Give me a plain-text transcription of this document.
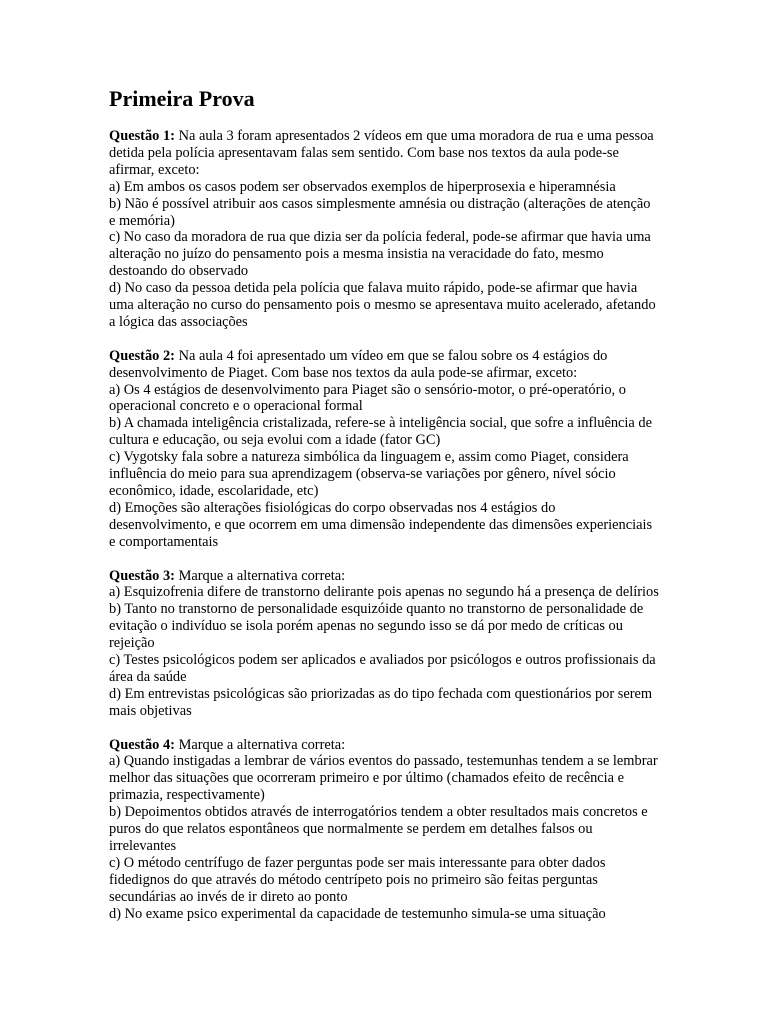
Primeira Prova

Questão 1: Na aula 3 foram apresentados 2 vídeos em que uma moradora de rua e uma pessoa detida pela polícia apresentavam falas sem sentido. Com base nos textos da aula pode-se afirmar, exceto:

a) Em ambos os casos podem ser observados exemplos de hiperprosexia e hiperamnésia

b) Não é possível atribuir aos casos simplesmente amnésia ou distração (alterações de atenção e memória)

c) No caso da moradora de rua que dizia ser da polícia federal, pode-se afirmar que havia uma alteração no juízo do pensamento pois a mesma insistia na veracidade do fato, mesmo destoando do observado

d) No caso da pessoa detida pela polícia que falava muito rápido, pode-se afirmar que havia uma alteração no curso do pensamento pois o mesmo se apresentava muito acelerado, afetando a lógica das associações

Questão 2: Na aula 4 foi apresentado um vídeo em que se falou sobre os 4 estágios do desenvolvimento de Piaget. Com base nos textos da aula pode-se afirmar, exceto:

a) Os 4 estágios de desenvolvimento para Piaget são o sensório-motor, o pré-operatório, o operacional concreto e o operacional formal

b) A chamada inteligência cristalizada, refere-se à inteligência social, que sofre a influência de cultura e educação, ou seja evolui com a idade (fator GC)

c) Vygotsky fala sobre a natureza simbólica da linguagem e, assim como Piaget, considera influência do meio para sua aprendizagem (observa-se variações por gênero, nível sócio econômico, idade, escolaridade, etc)

d) Emoções são alterações fisiológicas do corpo observadas nos 4 estágios do desenvolvimento, e que ocorrem em uma dimensão independente das dimensões experienciais e comportamentais

Questão 3: Marque a alternativa correta:

a) Esquizofrenia difere de transtorno delirante pois apenas no segundo há a presença de delírios

b) Tanto no transtorno de personalidade esquizóide quanto no transtorno de personalidade de evitação o indivíduo se isola porém apenas no segundo isso se dá por medo de críticas ou rejeição

c) Testes psicológicos podem ser aplicados e avaliados por psicólogos e outros profissionais da área da saúde

d) Em entrevistas psicológicas são priorizadas as do tipo fechada com questionários por serem mais objetivas

Questão 4: Marque a alternativa correta:

a) Quando instigadas a lembrar de vários eventos do passado, testemunhas tendem a se lembrar melhor das situações que ocorreram primeiro e por último (chamados efeito de recência e primazia, respectivamente)

b) Depoimentos obtidos através de interrogatórios tendem a obter resultados mais concretos e puros do que relatos espontâneos que normalmente se perdem em detalhes falsos ou irrelevantes

c) O método centrífugo de fazer perguntas pode ser mais interessante para obter dados fidedignos do que através do método centrípeto pois no primeiro são feitas perguntas secundárias ao invés de ir direto ao ponto

d) No exame psico experimental da capacidade de testemunho simula-se uma situação
